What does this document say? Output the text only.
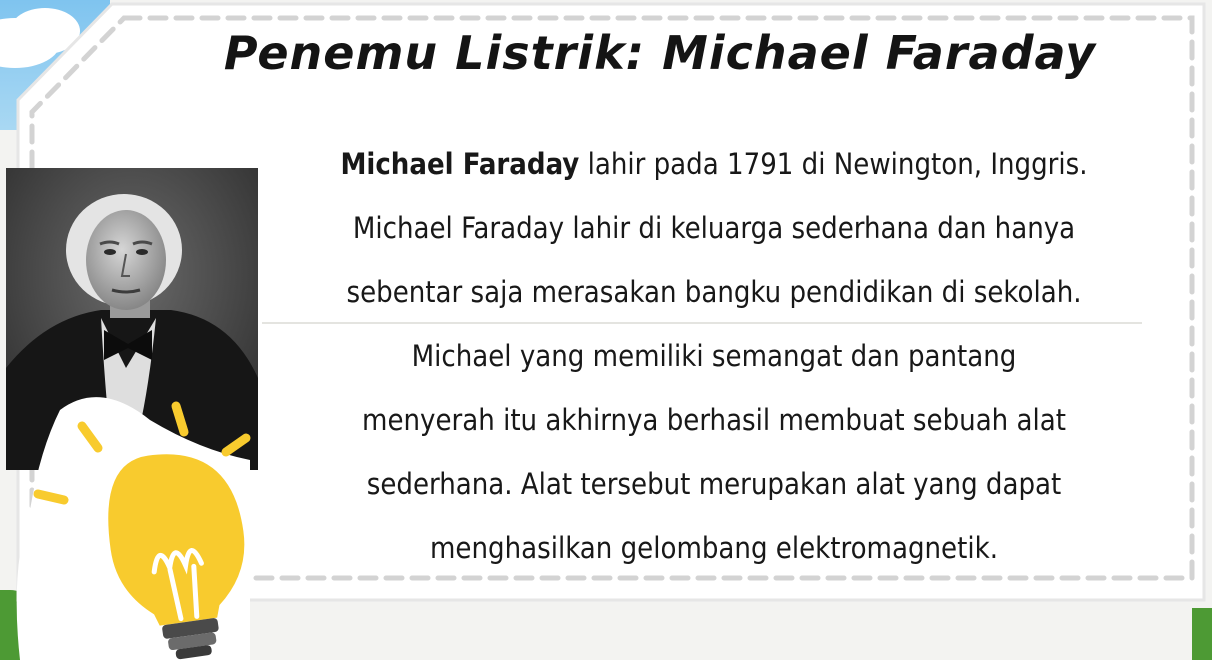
Penemu Listrik: Michael Faraday
Michael Faraday lahir pada 1791 di Newington, Inggris.
Michael Faraday lahir di keluarga sederhana dan hanya
sebentar saja merasakan bangku pendidikan di sekolah.
Michael yang memiliki semangat dan pantang
menyerah itu akhirnya berhasil membuat sebuah alat
sederhana. Alat tersebut merupakan alat yang dapat
menghasilkan gelombang elektromagnetik.
